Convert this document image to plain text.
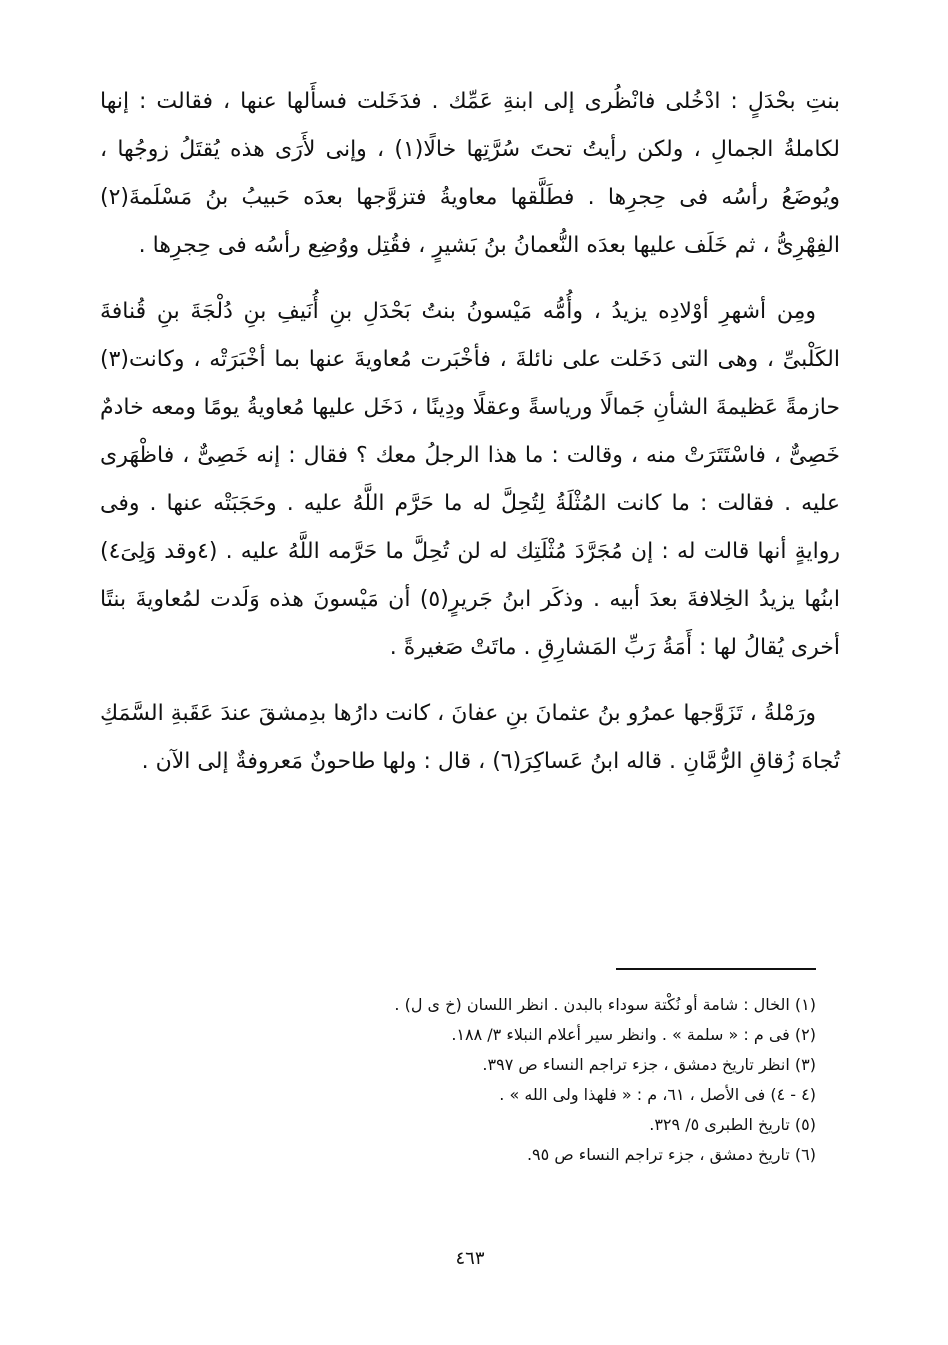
بنتِ بحْدَلٍ : ادْخُلى فانْظُرى إلى ابنةِ عَمِّك . فدَخَلت فسأَلها عنها ، فقالت : إنها لكاملةُ الجمالِ ، ولكن رأيتُ تحتَ سُرَّتِها خالًا(١) ، وإنى لأَرَى هذه يُقتَلُ زوجُها ، ويُوضَعُ رأسُه فى حِجرِها . فطَلَّقها معاويةُ فتزوَّجها بعدَه حَبيبُ بنُ مَسْلَمةَ(٢) الفِهْرِىُّ ، ثم خَلَف عليها بعدَه النُّعمانُ بنُ بَشيرٍ ، فقُتِل ووُضِع رأسُه فى حِجرِها .

ومِن أشهرِ أوْلادِه يزيدُ ، وأُمُّه مَيْسونُ بنتُ بَحْدَلِ بنِ أُنَيفِ بنِ دُلْجَةَ بنِ قُنافةَ الكَلْبىِّ ، وهى التى دَخَلت على نائلةَ ، فأخْبَرت مُعاويةَ عنها بما أخْبَرَتْه ، وكانت(٣) حازمةً عَظيمةَ الشأنِ جَمالًا ورياسةً وعقلًا ودِينًا ، دَخَل عليها مُعاويةُ يومًا ومعه خادمٌ خَصِىٌّ ، فاسْتَتَرَتْ منه ، وقالت : ما هذا الرجلُ معك ؟ فقال : إنه خَصِىٌّ ، فاظْهَرى عليه . فقالت : ما كانت المُثْلَةُ لِتُحِلَّ له ما حَرَّم اللَّهُ عليه . وحَجَبَتْه عنها . وفى روايةٍ أنها قالت له : إن مُجَرَّدَ مُثْلَتِك له لن تُحِلَّ ما حَرَّمه اللَّهُ عليه . (٤وقد وَلِىَ٤) ابنُها يزيدُ الخِلافةَ بعدَ أبيه . وذكَر ابنُ جَريرٍ(٥) أن مَيْسونَ هذه وَلَدت لمُعاويةَ بنتًا أخرى يُقالُ لها : أَمَةُ رَبِّ المَشارِقِ . ماتَتْ صَغيرةً .

ورَمْلةُ ، تَزَوَّجها عمرُو بنُ عثمانَ بنِ عفانَ ، كانت دارُها بدِمشقَ عندَ عَقَبةِ السَّمَكِ تُجاهَ زُقاقِ الرُّمَّانِ . قاله ابنُ عَساكِرَ(٦) ، قال : ولها طاحونٌ مَعروفةٌ إلى الآن .

(١) الخال : شامة أو نُكْتة سوداء بالبدن . انظر اللسان (خ ى ل) .
(٢) فى م : « سلمة » . وانظر سير أعلام النبلاء ٣/ ١٨٨.
(٣) انظر تاريخ دمشق ، جزء تراجم النساء ص ٣٩٧.
(٤ - ٤) فى الأصل ، ٦١، م : « فلهذا ولى الله » .
(٥) تاريخ الطبرى ٥/ ٣٢٩.
(٦) تاريخ دمشق ، جزء تراجم النساء ص ٩٥.
٤٦٣
